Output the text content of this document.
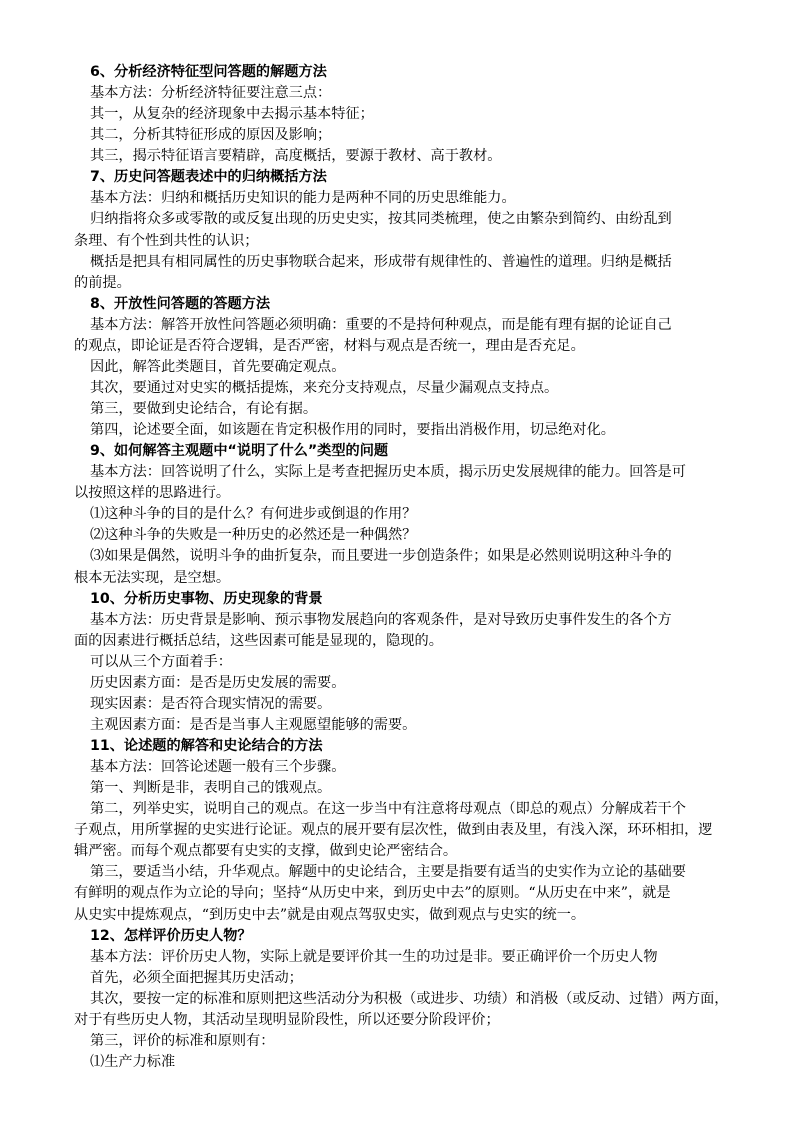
6、分析经济特征型问答题的解题方法
基本方法：分析经济特征要注意三点：
其一，从复杂的经济现象中去揭示基本特征；
其二，分析其特征形成的原因及影响；
其三，揭示特征语言要精辟，高度概括，要源于教材、高于教材。
7、历史问答题表述中的归纳概括方法
基本方法：归纳和概括历史知识的能力是两种不同的历史思维能力。
归纳指将众多或零散的或反复出现的历史史实，按其同类梳理，使之由繁杂到简约、由纷乱到
条理、有个性到共性的认识；
概括是把具有相同属性的历史事物联合起来，形成带有规律性的、普遍性的道理。归纳是概括
的前提。
8、开放性问答题的答题方法
基本方法：解答开放性问答题必须明确：重要的不是持何种观点，而是能有理有据的论证自己
的观点，即论证是否符合逻辑，是否严密，材料与观点是否统一，理由是否充足。
因此，解答此类题目，首先要确定观点。
其次，要通过对史实的概括提炼，来充分支持观点，尽量少漏观点支持点。
第三，要做到史论结合，有论有据。
第四，论述要全面，如该题在肯定积极作用的同时，要指出消极作用，切忌绝对化。
9、如何解答主观题中“说明了什么”类型的问题
基本方法：回答说明了什么，实际上是考查把握历史本质，揭示历史发展规律的能力。回答是可
以按照这样的思路进行。
⑴这种斗争的目的是什么？有何进步或倒退的作用？
⑵这种斗争的失败是一种历史的必然还是一种偶然？
⑶如果是偶然，说明斗争的曲折复杂，而且要进一步创造条件；如果是必然则说明这种斗争的
根本无法实现，是空想。
10、分析历史事物、历史现象的背景
基本方法：历史背景是影响、预示事物发展趋向的客观条件，是对导致历史事件发生的各个方
面的因素进行概括总结，这些因素可能是显现的，隐现的。
可以从三个方面着手：
历史因素方面：是否是历史发展的需要。
现实因素：是否符合现实情况的需要。
主观因素方面：是否是当事人主观愿望能够的需要。
11、论述题的解答和史论结合的方法
基本方法：回答论述题一般有三个步骤。
第一、判断是非，表明自己的饿观点。
第二，列举史实，说明自己的观点。在这一步当中有注意将母观点（即总的观点）分解成若干个
子观点，用所掌握的史实进行论证。观点的展开要有层次性，做到由表及里，有浅入深，环环相扣，逻
辑严密。而每个观点都要有史实的支撑，做到史论严密结合。
第三，要适当小结，升华观点。解题中的史论结合，主要是指要有适当的史实作为立论的基础要
有鲜明的观点作为立论的导向；坚持“从历史中来，到历史中去”的原则。“从历史在中来”，就是
从史实中提炼观点，“到历史中去”就是由观点驾驭史实，做到观点与史实的统一。
12、怎样评价历史人物？
基本方法：评价历史人物，实际上就是要评价其一生的功过是非。要正确评价一个历史人物
首先，必须全面把握其历史活动；
其次，要按一定的标准和原则把这些活动分为积极（或进步、功绩）和消极（或反动、过错）两方面，
对于有些历史人物，其活动呈现明显阶段性，所以还要分阶段评价；
第三，评价的标准和原则有：
⑴生产力标准
